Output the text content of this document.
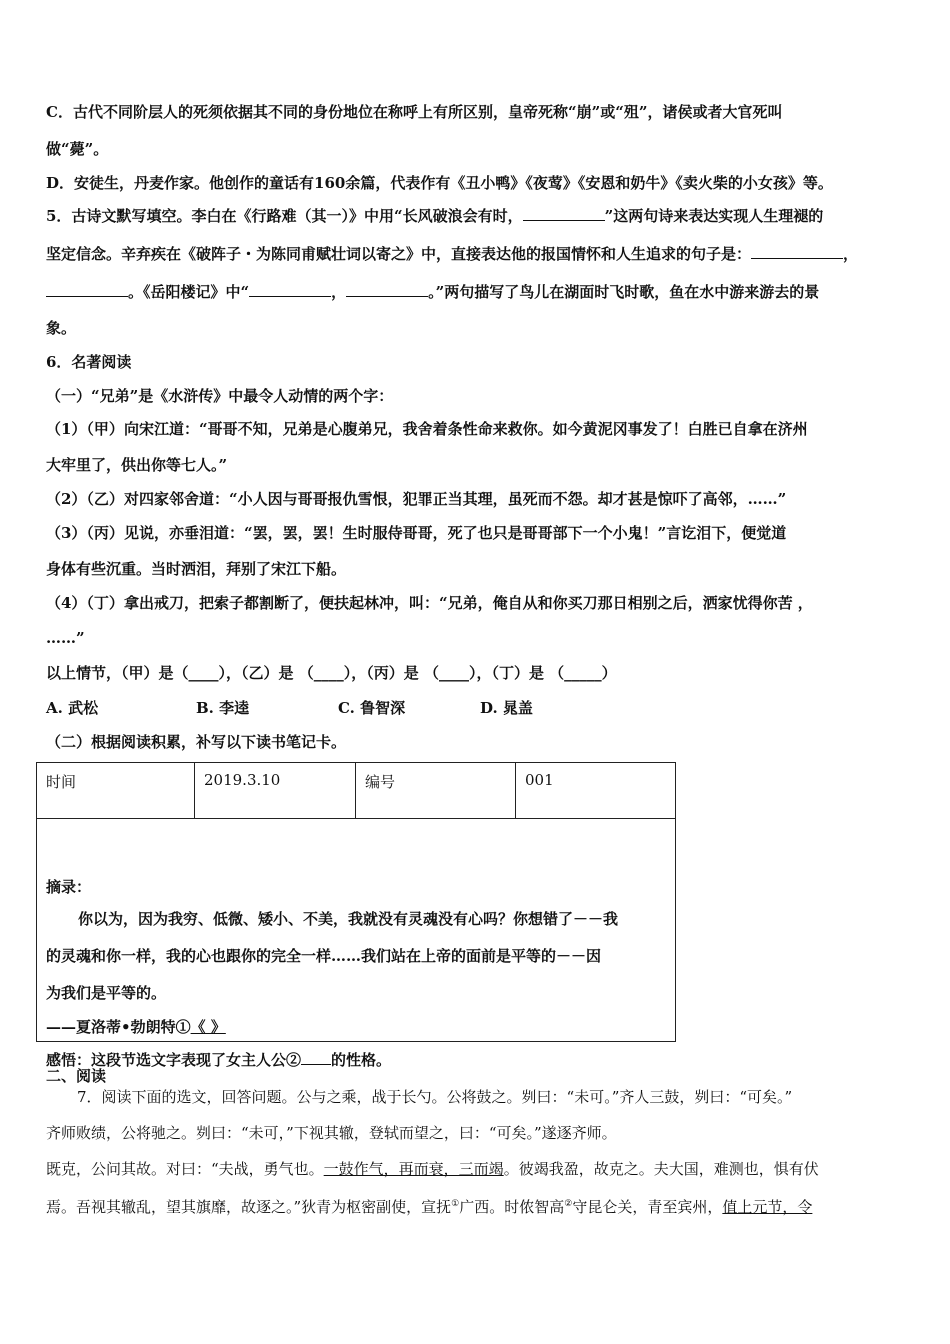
C．古代不同阶层人的死须依据其不同的身份地位在称呼上有所区别，皇帝死称“崩”或“殂”，诸侯或者大官死叫
做“薨”。
D．安徒生，丹麦作家。他创作的童话有160余篇，代表作有《丑小鸭》《夜莺》《安恩和奶牛》《卖火柴的小女孩》等。
5．古诗文默写填空。李白在《行路难（其一）》中用“长风破浪会有时，	”这两句诗来表达实现人生理褪的
坚定信念。辛弃疾在《破阵子・为陈同甫赋壮词以寄之》中，直接表达他的报国情怀和人生追求的句子是：	，
。《岳阳楼记》中“	，	。”两句描写了鸟儿在湖面时飞时歌，鱼在水中游来游去的景
象。
6．名著阅读
（一）“兄弟”是《水浒传》中最令人动情的两个字：
（1）（甲）向宋江道：“哥哥不知，兄弟是心腹弟兄，我舍着条性命来救你。如今黄泥冈事发了！白胜已自拿在济州
大牢里了，供出你等七人。”
（2）（乙）对四家邻舍道：“小人因与哥哥报仇雪恨，犯罪正当其理，虽死而不怨。却才甚是惊吓了高邻，……”
（3）（丙）见说，亦垂泪道：“罢，罢，罢！生时服侍哥哥，死了也只是哥哥部下一个小鬼！”言讫泪下，便觉道
身体有些沉重。当时洒泪，拜别了宋江下船。
（4）（丁）拿出戒刀，把索子都割断了，便扶起林冲，叫：“兄弟，俺自从和你买刀那日相别之后，洒家忧得你苦 ，
……”
以上情节，（甲）是（____），（乙）是 （____），（丙）是 （____），（丁）是 （_____）
A. 武松	B. 李逵	C. 鲁智深	D. 晁盖
（二）根据阅读积累，补写以下读书笔记卡。
时间	2019.3.10	编号	001

摘录：
你以为，因为我穷、低微、矮小、不美，我就没有灵魂没有心吗？你想错了－－我
的灵魂和你一样，我的心也跟你的完全一样……我们站在上帝的面前是平等的－－因
为我们是平等的。
——夏洛蒂•勃朗特①《 》
感悟：这段节选文字表现了女主人公② 的性格。
二、阅读
7．阅读下面的选文，回答问题。公与之乘，战于长勺。公将鼓之。刿曰：“未可。”齐人三鼓，刿曰：“可矣。”
齐师败绩，公将驰之。刿曰：“未可，”下视其辙，登轼而望之，曰：“可矣。”遂逐齐师。
既克，公问其故。对曰：“夫战，勇气也。一鼓作气，再而衰，三而竭。彼竭我盈，故克之。夫大国，难测也，惧有伏
焉。吾视其辙乱，望其旗靡，故逐之。”狄青为枢密副使，宣抚①广西。时侬智高②守昆仑关，青至宾州，值上元节，令
